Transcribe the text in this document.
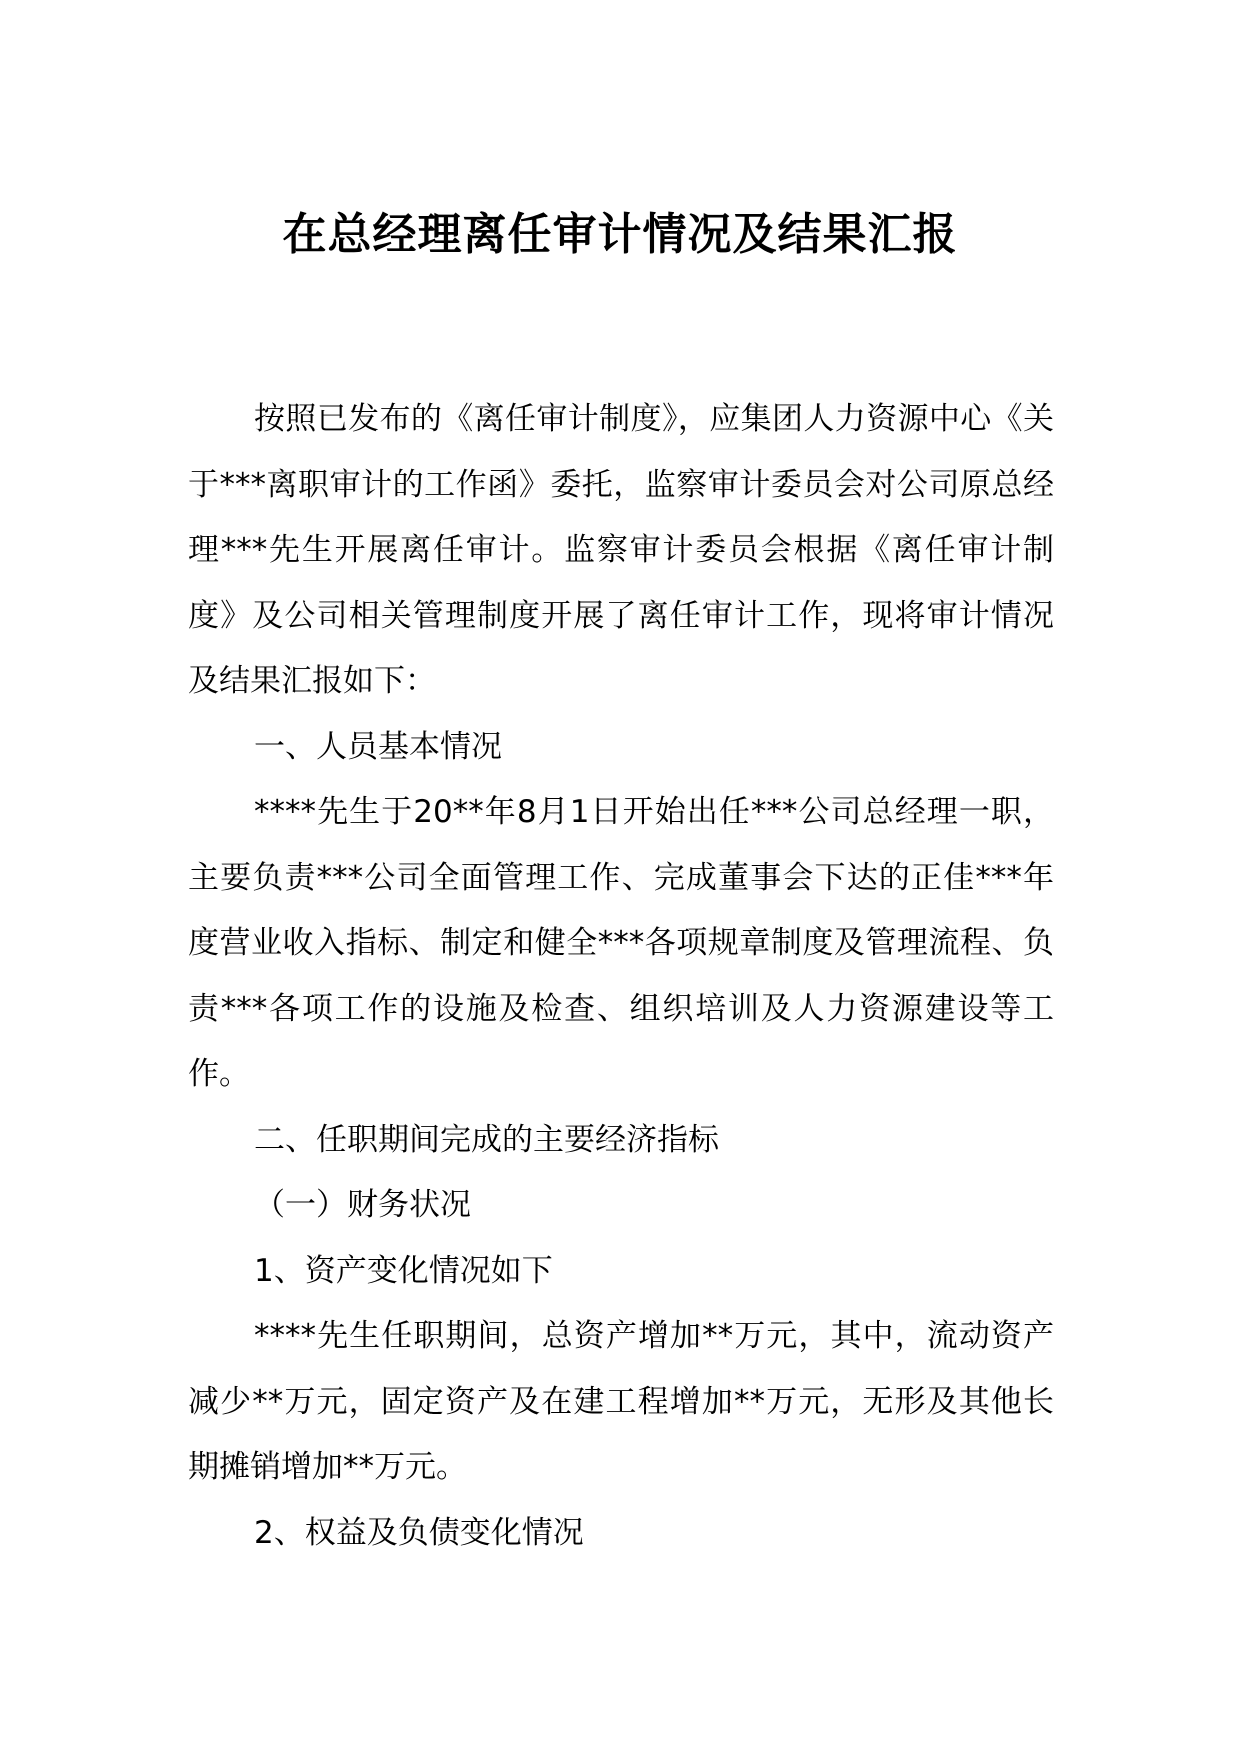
在总经理离任审计情况及结果汇报

按照已发布的《离任审计制度》，应集团人力资源中心《关于***离职审计的工作函》委托，监察审计委员会对公司原总经理***先生开展离任审计。监察审计委员会根据《离任审计制度》及公司相关管理制度开展了离任审计工作，现将审计情况及结果汇报如下：

一、人员基本情况

****先生于20**年8月1日开始出任***公司总经理一职，主要负责***公司全面管理工作、完成董事会下达的正佳***年度营业收入指标、制定和健全***各项规章制度及管理流程、负责***各项工作的设施及检查、组织培训及人力资源建设等工作。

二、任职期间完成的主要经济指标

（一）财务状况

1、资产变化情况如下

****先生任职期间，总资产增加**万元，其中，流动资产减少**万元，固定资产及在建工程增加**万元，无形及其他长期摊销增加**万元。

2、权益及负债变化情况
